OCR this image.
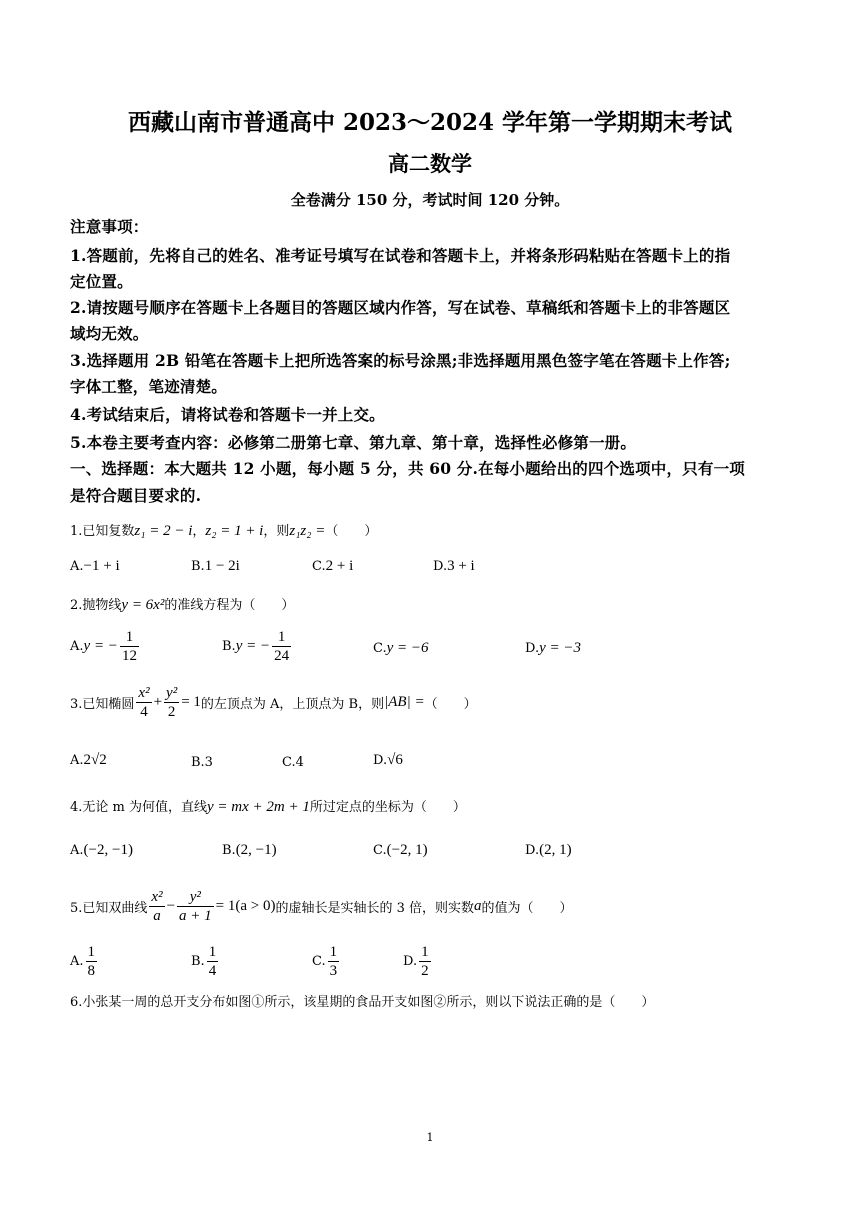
西藏山南市普通高中 2023～2024 学年第一学期期末考试
高二数学
全卷满分 150 分，考试时间 120 分钟。
注意事项：
1.答题前，先将自己的姓名、准考证号填写在试卷和答题卡上，并将条形码粘贴在答题卡上的指
定位置。
2.请按题号顺序在答题卡上各题目的答题区域内作答，写在试卷、草稿纸和答题卡上的非答题区
域均无效。
3.选择题用 2B 铅笔在答题卡上把所选答案的标号涂黑;非选择题用黑色签字笔在答题卡上作答;
字体工整，笔迹清楚。
4.考试结束后，请将试卷和答题卡一并上交。
5.本卷主要考查内容：必修第二册第七章、第九章、第十章，选择性必修第一册。
一、选择题：本大题共 12 小题，每小题 5 分，共 60 分.在每小题给出的四个选项中，只有一项
是符合题目要求的.
1.已知复数z₁ = 2 − i，z₂ = 1 + i，则z₁z₂ =（　　）
A.−1 + i	B.1 − 2i	C.2 + i	D.3 + i
2.抛物线y = 6x²的准线方程为（　　）
A.y = − $\frac{1}{12}$	B.y = − $\frac{1}{24}$	C.y = −6	D.y = −3
3.已知椭圆 $\frac{\text{x²}}{4} + \frac{\text{y²}}{2} = 1$的左顶点为 A，上顶点为 B，则|AB| =（　　）
A.2√2	B.3	C.4	D.√6
4.无论 m 为何值，直线y = mx + 2m + 1所过定点的坐标为（　　）
A.(−2, −1)	B.(2, −1)	C.(−2, 1)	D.(2, 1)
5.已知双曲线 $\frac{\text{x²}}{a} - \frac{\text{y²}}{a + 1} = 1(a > 0)$的虚轴长是实轴长的 3 倍，则实数a的值为（　　）
A. $\frac{1}{8}$	B. $\frac{1}{4}$	C. $\frac{1}{3}$	D. $\frac{1}{2}$
6.小张某一周的总开支分布如图①所示，该星期的食品开支如图②所示，则以下说法正确的是（　　）
1
